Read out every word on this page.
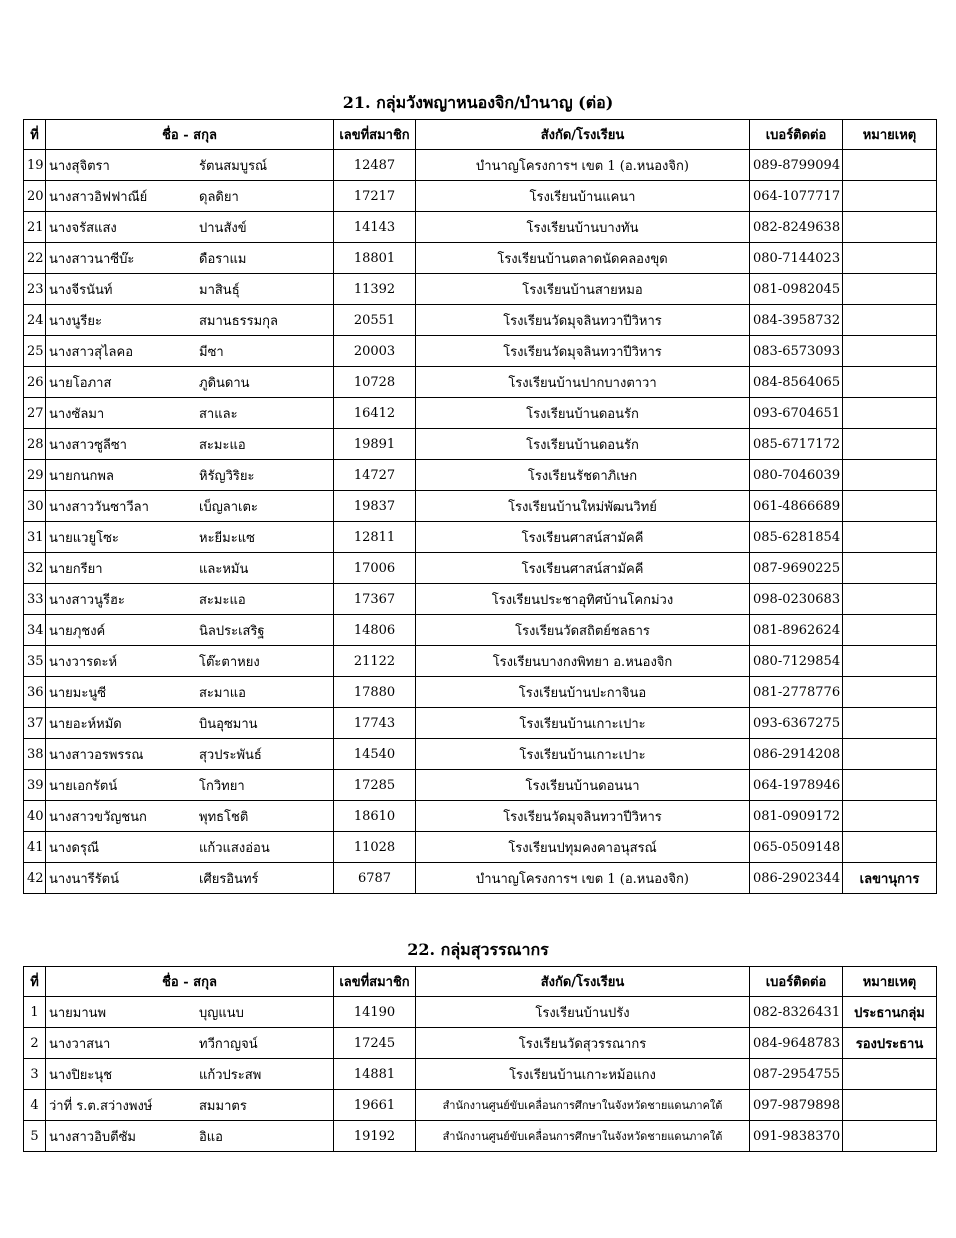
21. กลุ่มวังพญาหนองจิก/บำนาญ (ต่อ)
ที่	ชื่อ - สกุล	เลขที่สมาชิก	สังกัด/โรงเรียน	เบอร์ติดต่อ	หมายเหตุ
19	นางสุจิตรา รัตนสมบูรณ์	12487	บำนาญโครงการฯ เขต 1 (อ.หนองจิก)	089-8799094	
20	นางสาวอิฟฟาณีย์ ดุลดิยา	17217	โรงเรียนบ้านแคนา	064-1077717	
21	นางจรัสแสง ปานสังข์	14143	โรงเรียนบ้านบางทัน	082-8249638	
22	นางสาวนาซีบ๊ะ ดือราแม	18801	โรงเรียนบ้านตลาดนัดคลองขุด	080-7144023	
23	นางจีรนันท์ มาสินธุ์	11392	โรงเรียนบ้านสายหมอ	081-0982045	
24	นางนูรียะ สมานธรรมกุล	20551	โรงเรียนวัดมุจลินทวาปีวิหาร	084-3958732	
25	นางสาวสุไลคอ มีซา	20003	โรงเรียนวัดมุจลินทวาปีวิหาร	083-6573093	
26	นายโอภาส ภูดินดาน	10728	โรงเรียนบ้านปากบางตาวา	084-8564065	
27	นางซัลมา สาและ	16412	โรงเรียนบ้านดอนรัก	093-6704651	
28	นางสาวซูลีซา สะมะแอ	19891	โรงเรียนบ้านดอนรัก	085-6717172	
29	นายกนกพล หิรัญวิริยะ	14727	โรงเรียนรัชดาภิเษก	080-7046039	
30	นางสาววันซาวีลา เบ็ญลาเตะ	19837	โรงเรียนบ้านใหม่พัฒนวิทย์	061-4866689	
31	นายแวยูโซะ หะยีมะแซ	12811	โรงเรียนศาสน์สามัคคี	085-6281854	
32	นายกรียา และหมัน	17006	โรงเรียนศาสน์สามัคคี	087-9690225	
33	นางสาวนูรีฮะ สะมะแอ	17367	โรงเรียนประชาอุทิศบ้านโคกม่วง	098-0230683	
34	นายภุชงค์ นิลประเสริฐ	14806	โรงเรียนวัดสถิตย์ชลธาร	081-8962624	
35	นางวารดะห์ โต๊ะตาหยง	21122	โรงเรียนบางกงพิทยา อ.หนองจิก	080-7129854	
36	นายมะนูซี สะมาแอ	17880	โรงเรียนบ้านปะกาจินอ	081-2778776	
37	นายอะห์หมัด บินอุซมาน	17743	โรงเรียนบ้านเกาะเปาะ	093-6367275	
38	นางสาวอรพรรณ สุวประพันธ์	14540	โรงเรียนบ้านเกาะเปาะ	086-2914208	
39	นายเอกรัตน์ โกวิทยา	17285	โรงเรียนบ้านดอนนา	064-1978946	
40	นางสาวขวัญชนก พุทธโชติ	18610	โรงเรียนวัดมุจลินทวาปีวิหาร	081-0909172	
41	นางดรุณี แก้วแสงอ่อน	11028	โรงเรียนปทุมคงคาอนุสรณ์	065-0509148	
42	นางนารีรัตน์ เศียรอินทร์	6787	บำนาญโครงการฯ เขต 1 (อ.หนองจิก)	086-2902344	เลขานุการ
22. กลุ่มสุวรรณากร
ที่	ชื่อ - สกุล	เลขที่สมาชิก	สังกัด/โรงเรียน	เบอร์ติดต่อ	หมายเหตุ
1	นายมานพ บุญแนบ	14190	โรงเรียนบ้านปรัง	082-8326431	ประธานกลุ่ม
2	นางวาสนา ทวีกาญจน์	17245	โรงเรียนวัดสุวรรณากร	084-9648783	รองประธาน
3	นางปิยะนุช แก้วประสพ	14881	โรงเรียนบ้านเกาะหม้อแกง	087-2954755	
4	ว่าที่ ร.ต.สว่างพงษ์ สมมาตร	19661	สำนักงานศูนย์ขับเคลื่อนการศึกษาในจังหวัดชายแดนภาคใต้	097-9879898	
5	นางสาวอิบตีซัม อิแอ	19192	สำนักงานศูนย์ขับเคลื่อนการศึกษาในจังหวัดชายแดนภาคใต้	091-9838370	
